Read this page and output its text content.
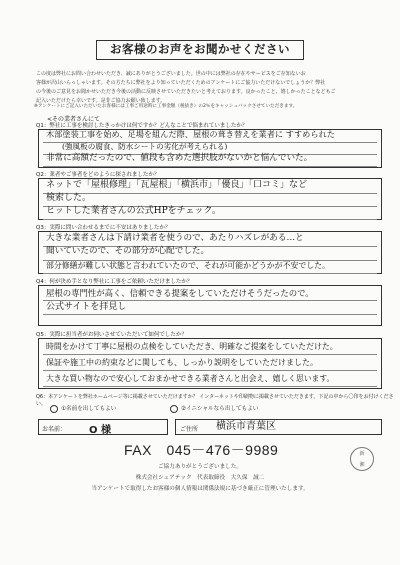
お客様のお声をお聞かせください
この度は弊社にお問い合わせいただき、誠にありがとうございました。世の中には弊社の存在やサービスをご存知ないお
客様が沢山いらっしゃいます。その方たちに弊社をより知っていただくためのアンケートにご協力いただけないでしょうか？弊社
の今後のご意見をお聞かせいただき今後の活動に反映させていただきたいと考えております。良かったこと、嬉しかったことなどもご
記入いただけたら幸いです。是非ご協力お願い致します。
※アンケートにご記入いただいたお客様には工事ご用途時に工事金額（税抜き）の2％をキャッシュバックさせていただきます。
<その業者さんにて
Q1：弊社に工事を検討したきっかけは何ですか？どんなことで悩まれていましたか？
木部塗装工事を始め、足場を組んだ際、屋根の葺き替えを業者に すすめられた
(強風板の腐食、防水シートの劣化が考えられる)
非常に高額だったので、値段も含めた選択肢がないかと悩んでいた。
Q2：業者やご事者をどのように探されましたか？
ネットで「屋根修理」「瓦屋根」「横浜市」「優良」「口コミ」など
検索した。
ヒットした業者さんの公式HPをチェック。
Q3：実際に問い合わせるまでに不安はありましたか？
大きな業者さんは下請け業者を使うので、あたりハズレがある…と
聞いていたので、その部分が心配でした。
部分修繕が難しい状態と言われていたので、それが可能かどうかが不安でした。
Q4：何が決め手となり弊社に工事をご依頼いただけましたか？
屋根の専門性が高く、信頼できる提案をしていただけそうだったので。
公式サイトを拝見し
Q5：実際に担当者がお伺いさせていただいて如何でしたか？
時間をかけて丁寧に屋根の点検をしていただき、明確なご提案をしていただけた。
保証や施工中の約束などに関しても、しっかり説明をしていただけました。
大きな買い物なので安心しておまかせできる業者さんと出会え、嬉しく思います。
Q6：本アンケートを弊社ホームページ等に掲載させていただけますか？ インターネットや印刷物に掲載させていただきます。下記の中から〇印をお付けください。
①名前を出してもよい	②イニシャルなら出してもよい
お名前： O 様	ご住所 横浜市青葉区
FAX　045－476－9989	新
湘
ご協力ありがとうございました。
株式会社シェアテック　代表取締役　大久保　誠二
当アンケートで取得したお客様の個人情報は関係法規に基づき厳正に管理いたします。
